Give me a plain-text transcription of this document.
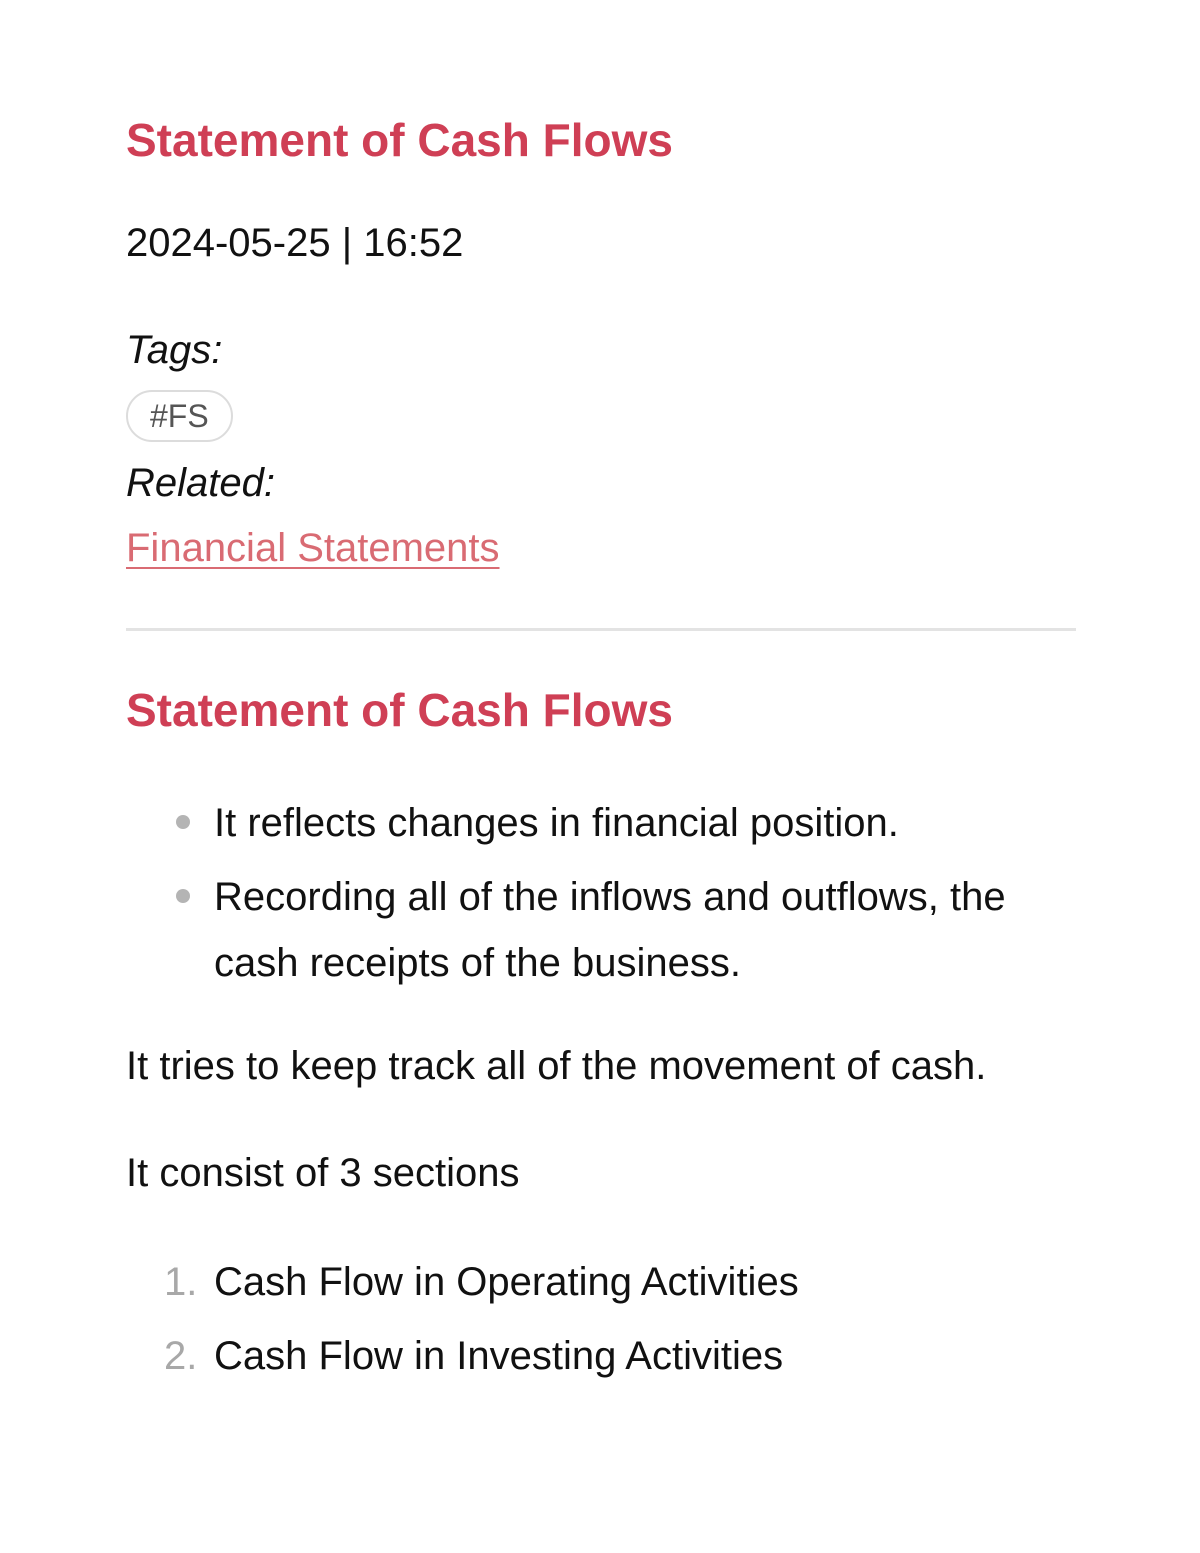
Statement of Cash Flows
2024-05-25 | 16:52
Tags:
#FS
Related:
Financial Statements
Statement of Cash Flows
It reflects changes in financial position.
Recording all of the inflows and outflows, the cash receipts of the business.

It tries to keep track all of the movement of cash.

It consist of 3 sections

1. Cash Flow in Operating Activities
2. Cash Flow in Investing Activities
